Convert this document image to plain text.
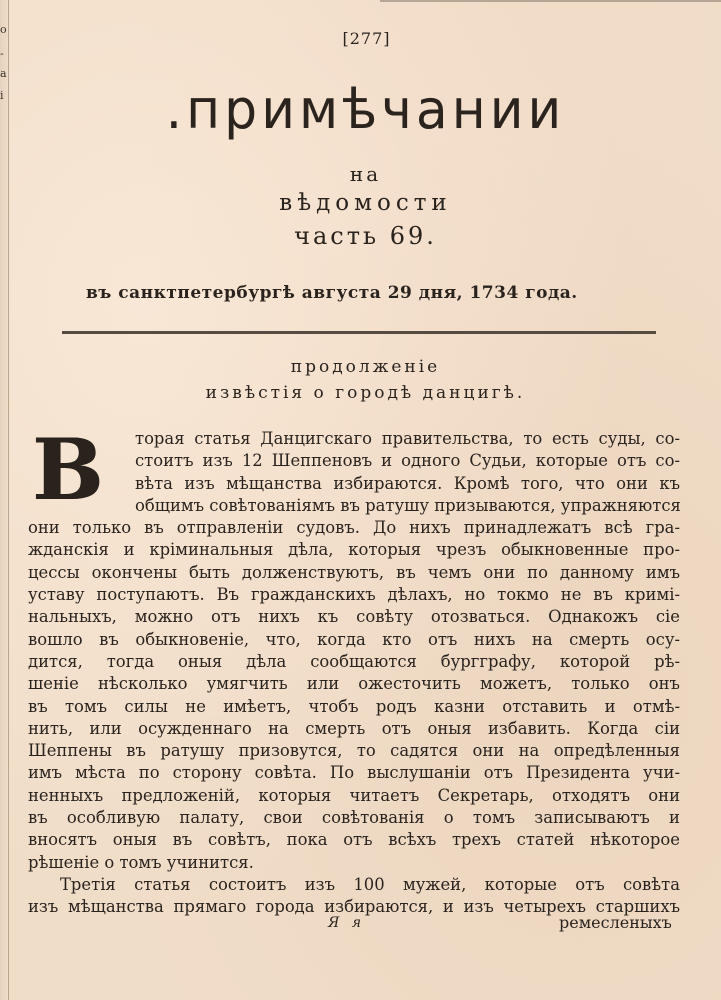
о
-
а
і
[277]
.примѣчании
на
вѣдомости
часть 69.
въ санктпетербургѣ августа 29 дня, 1734 года.
продолженіе
извѣстія о городѣ данцигѣ.
В	торая статья Данцигскаго правительства, то есть суды, со-
стоитъ изъ 12 Шеппеновъ и одного Судьи, которые отъ со-
вѣта изъ мѣщанства избираются. Кромѣ того, что они къ
общимъ совѣтованіямъ въ ратушу призываются, упражняются
они только въ отправленіи судовъ. До нихъ принадлежатъ всѣ гра-
жданскія и кріминальныя дѣла, которыя чрезъ обыкновенные про-
цессы окончены быть долженствуютъ, въ чемъ они по данному имъ
уставу поступаютъ. Въ гражданскихъ дѣлахъ, но токмо не въ кримі-
нальныхъ, можно отъ нихъ къ совѣту отозваться. Однакожъ сіе
вошло въ обыкновеніе, что, когда кто отъ нихъ на смерть осу-
дится, тогда оныя дѣла сообщаются бургграфу, которой рѣ-
шеніе нѣсколько умягчить или ожесточить можетъ, только онъ
въ томъ силы не имѣетъ, чтобъ родъ казни отставить и отмѣ-
нить, или осужденнаго на смерть отъ оныя избавить. Когда сіи
Шеппены въ ратушу призовутся, то садятся они на опредѣленныя
имъ мѣста по сторону совѣта. По выслушаніи отъ Президента учи-
ненныхъ предложеній, которыя читаетъ Секретарь, отходятъ они
въ особливую палату, свои совѣтованія о томъ записываютъ и
вносятъ оныя въ совѣтъ, пока отъ всѣхъ трехъ статей нѣкоторое
рѣшеніе о томъ учинится.
Третія статья состоитъ изъ 100 мужей, которые отъ совѣта
изъ мѣщанства прямаго города избираются, и изъ четырехъ старшихъ
Я я	ремесленыхъ
